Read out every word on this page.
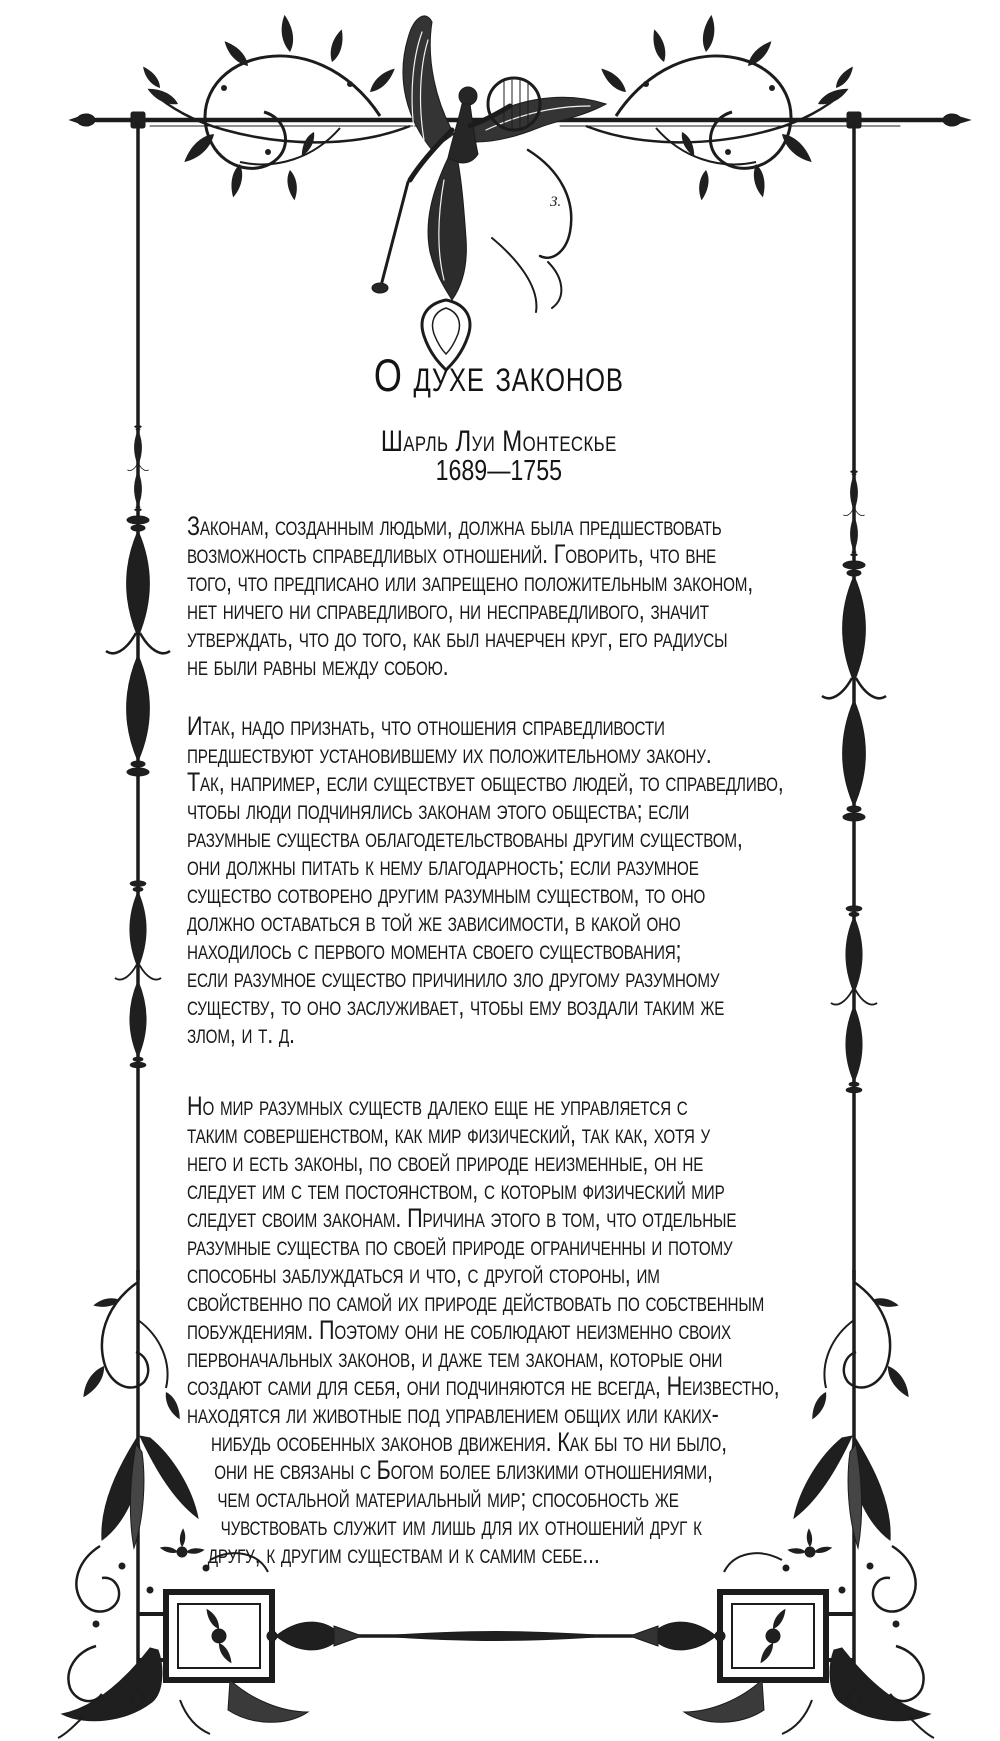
З.
О духе законов
Шарль Луи Монтескье
1689—1755
Законам, созданным людьми, должна была предшествовать
возможность справедливых отношений. Говорить, что вне
того, что предписано или запрещено положительным законом,
нет ничего ни справедливого, ни несправедливого, значит
утверждать, что до того, как был начерчен круг, его радиусы
не были равны между собою.
Итак, надо признать, что отношения справедливости
предшествуют установившему их положительному закону.
Так, например, если существует общество людей, то справедливо,
чтобы люди подчинялись законам этого общества; если
разумные существа облагодетельствованы другим существом,
они должны питать к нему благодарность; если разумное
существо сотворено другим разумным существом, то оно
должно оставаться в той же зависимости, в какой оно
находилось с первого момента своего существования;
если разумное существо причинило зло другому разумному
существу, то оно заслуживает, чтобы ему воздали таким же
злом, и т. д.
Но мир разумных существ далеко еще не управляется с
таким совершенством, как мир физический, так как, хотя у
него и есть законы, по своей природе неизменные, он не
следует им с тем постоянством, с которым физический мир
следует своим законам. Причина этого в том, что отдельные
разумные существа по своей природе ограниченны и потому
способны заблуждаться и что, с другой стороны, им
свойственно по самой их природе действовать по собственным
побуждениям. Поэтому они не соблюдают неизменно своих
первоначальных законов, и даже тем законам, которые они
создают сами для себя, они подчиняются не всегда, Неизвестно,
находятся ли животные под управлением общих или каких-
нибудь особенных законов движения. Как бы то ни было,
они не связаны с Богом более близкими отношениями,
чем остальной материальный мир; способность же
чувствовать служит им лишь для их отношений друг к
другу, к другим существам и к самим себе...
